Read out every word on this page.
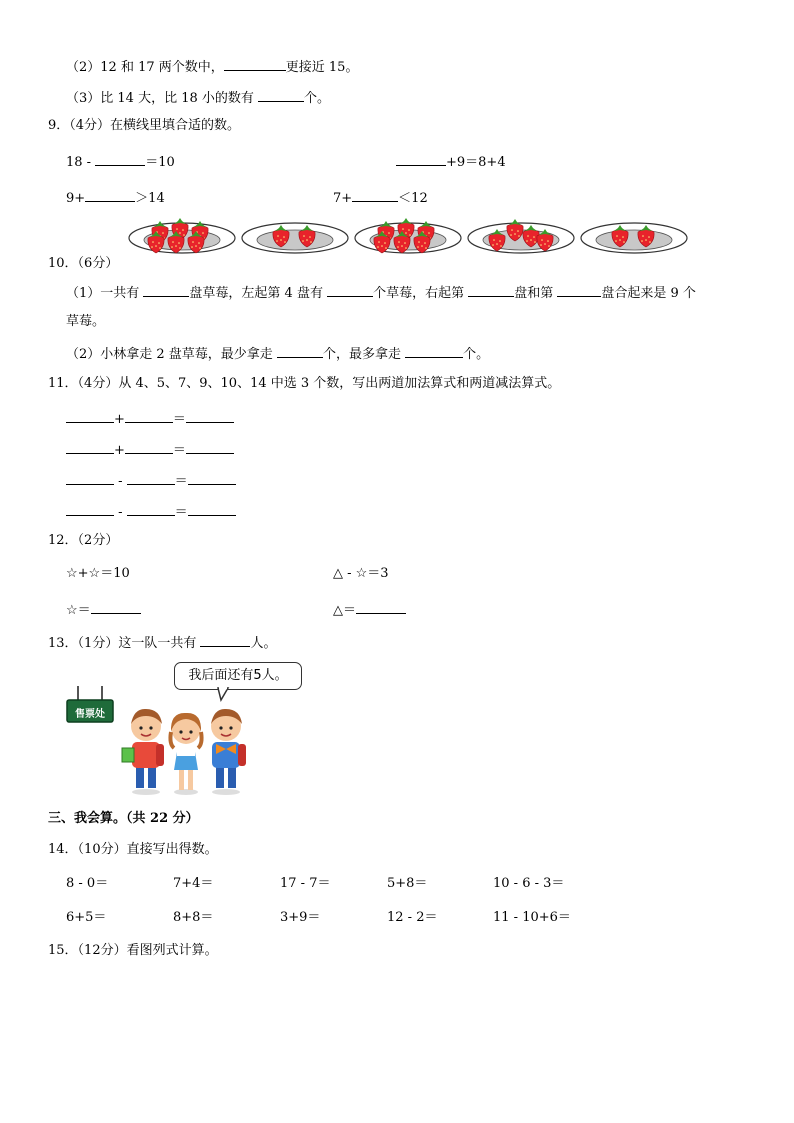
（2）12 和 17 两个数中，	更接近 15。
（3）比 14 大，比 18 小的数有	个。
9．（4分）在横线里填合适的数。
18 -	＝10	+9＝8+4
9+	＞14	7+	＜12
10．（6分）
（1）一共有	盘草莓，左起第 4 盘有	个草莓，右起第	盘和第	盘合起来是 9 个
草莓。
（2）小林拿走 2 盘草莓，最少拿走	个，最多拿走	个。
11．（4分）从 4、5、7、9、10、14 中选 3 个数，写出两道加法算式和两道减法算式。
+	＝
+	＝
-	＝
-	＝
12．（2分）
☆+☆＝10	△ - ☆＝3
☆＝	△＝
13．（1分）这一队一共有	人。
我后面还有5人。
售票处
三、我会算。（共 22 分）
14．（10分）直接写出得数。
8 - 0＝	7+4＝	17 - 7＝	5+8＝	10 - 6 - 3＝
6+5＝	8+8＝	3+9＝	12 - 2＝	11 - 10+6＝
15．（12分）看图列式计算。
